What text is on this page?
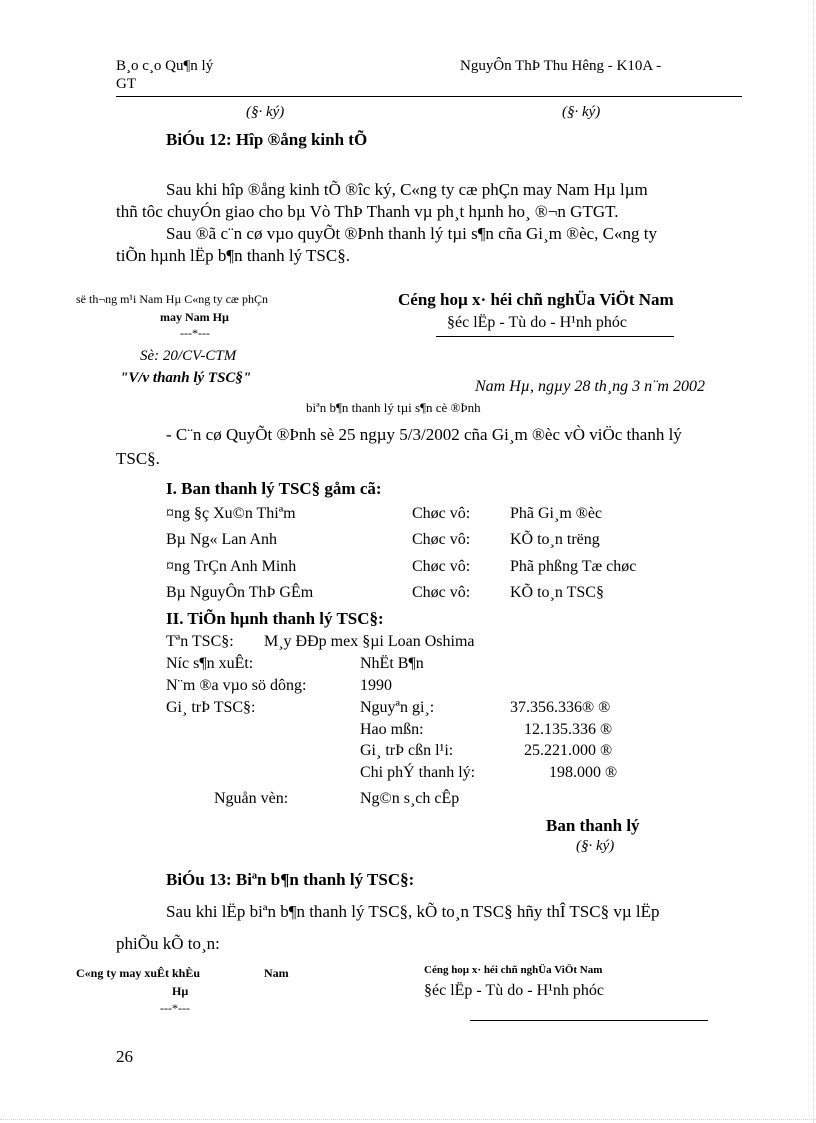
B¸o c¸o Qu¶n lý
GT
NguyÔn ThÞ Thu Hêng - K10A -
(§· ký)	(§· ký)
BiÓu 12: Hîp ®ång kinh tÕ
Sau khi hîp ®ång kinh tÕ ®îc ký, C«ng ty cæ phÇn may Nam Hµ lµm
thñ tôc chuyÓn giao cho bµ Vò ThÞ Thanh vµ ph¸t hµnh ho¸ ®¬n GTGT.
Sau ®ã c¨n cø vµo quyÕt ®Þnh thanh lý tµi s¶n cña Gi¸m ®èc, C«ng ty
tiÕn hµnh lËp b¶n thanh lý TSC§.
së th¬ng m¹i Nam Hµ C«ng ty cæ phÇn
may Nam Hµ
---*---
Céng hoµ x· héi chñ nghÜa ViÖt Nam
§éc lËp - Tù do - H¹nh phóc
Sè: 20/CV-CTM
"V/v thanh lý TSC§"	Nam Hµ, ngµy 28 th¸ng 3 n¨m 2002
biªn b¶n thanh lý tµi s¶n cè ®Þnh
- C¨n cø QuyÕt ®Þnh sè 25 ngµy 5/3/2002 cña Gi¸m ®èc vÒ viÖc thanh lý
TSC§.
I. Ban thanh lý TSC§ gåm cã:
¤ng §ç Xu©n Thiªm	Chøc vô: Phã Gi¸m ®èc
Bµ Ng« Lan Anh	Chøc vô: KÕ to¸n trëng
¤ng TrÇn Anh Minh	Chøc vô: Phã phßng Tæ chøc
Bµ NguyÔn ThÞ GÊm	Chøc vô: KÕ to¸n TSC§
II. TiÕn hµnh thanh lý TSC§:
Tªn TSC§: M¸y ÐÐp mex §µi Loan Oshima
Níc s¶n xuÊt:	NhËt B¶n
N¨m ®a vµo sö dông:	1990
Gi¸ trÞ TSC§:	Nguyªn gi¸:	37.356.336® ®
Hao mßn:	12.135.336 ®
Gi¸ trÞ cßn l¹i:	25.221.000 ®
Chi phÝ thanh lý:	198.000 ®
Nguån vèn:	Ng©n s¸ch cÊp
Ban thanh lý
(§· ký)
BiÓu 13: Biªn b¶n thanh lý TSC§:
Sau khi lËp biªn b¶n thanh lý TSC§, kÕ to¸n TSC§ hñy thÎ TSC§ vµ lËp
phiÕu kÕ to¸n:
C«ng ty may xuÊt khÈu	Nam
Hµ
---*---
Céng hoµ x· héi chñ nghÜa ViÖt Nam
§éc lËp - Tù do - H¹nh phóc
26
